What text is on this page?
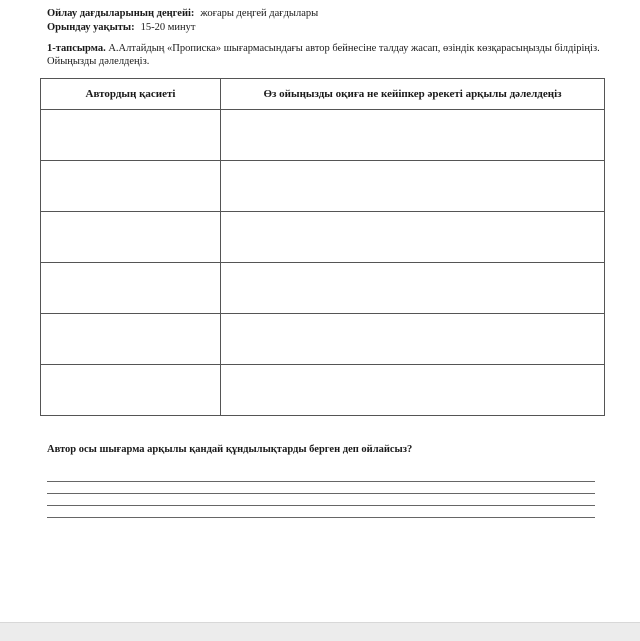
Ойлау дағдыларының деңгейі: жоғары деңгей дағдылары
Орындау уақыты: 15-20 минут
1-тапсырма. А.Алтайдың «Прописка» шығармасындағы автор бейнесіне талдау жасап, өзіндік көзқарасыңызды білдіріңіз. Ойыңызды дәлелдеңіз.
Автордың қасиеті	Өз ойыңызды оқиға не кейіпкер әрекеті арқылы дәлелдеңіз

Автор осы шығарма арқылы қандай құндылықтарды берген деп ойлайсыз?
